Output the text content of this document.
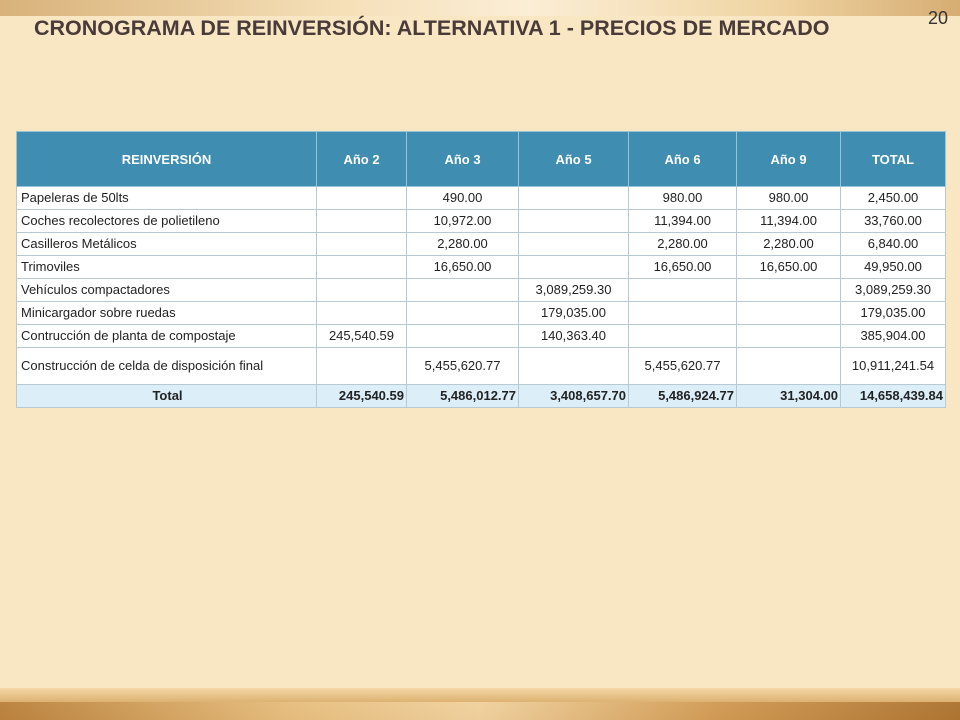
CRONOGRAMA DE REINVERSIÓN: ALTERNATIVA 1 - PRECIOS DE MERCADO	20
REINVERSIÓN	Año 2	Año 3	Año 5	Año 6	Año 9	TOTAL
Papeleras de 50lts		490.00		980.00	980.00	2,450.00
Coches recolectores de polietileno		10,972.00		11,394.00	11,394.00	33,760.00
Casilleros Metálicos		2,280.00		2,280.00	2,280.00	6,840.00
Trimoviles		16,650.00		16,650.00	16,650.00	49,950.00
Vehículos compactadores			3,089,259.30			3,089,259.30
Minicargador sobre ruedas			179,035.00			179,035.00
Contrucción de planta de compostaje	245,540.59		140,363.40			385,904.00
Construcción de celda de disposición final		5,455,620.77		5,455,620.77		10,911,241.54
Total	245,540.59	5,486,012.77	3,408,657.70	5,486,924.77	31,304.00	14,658,439.84
